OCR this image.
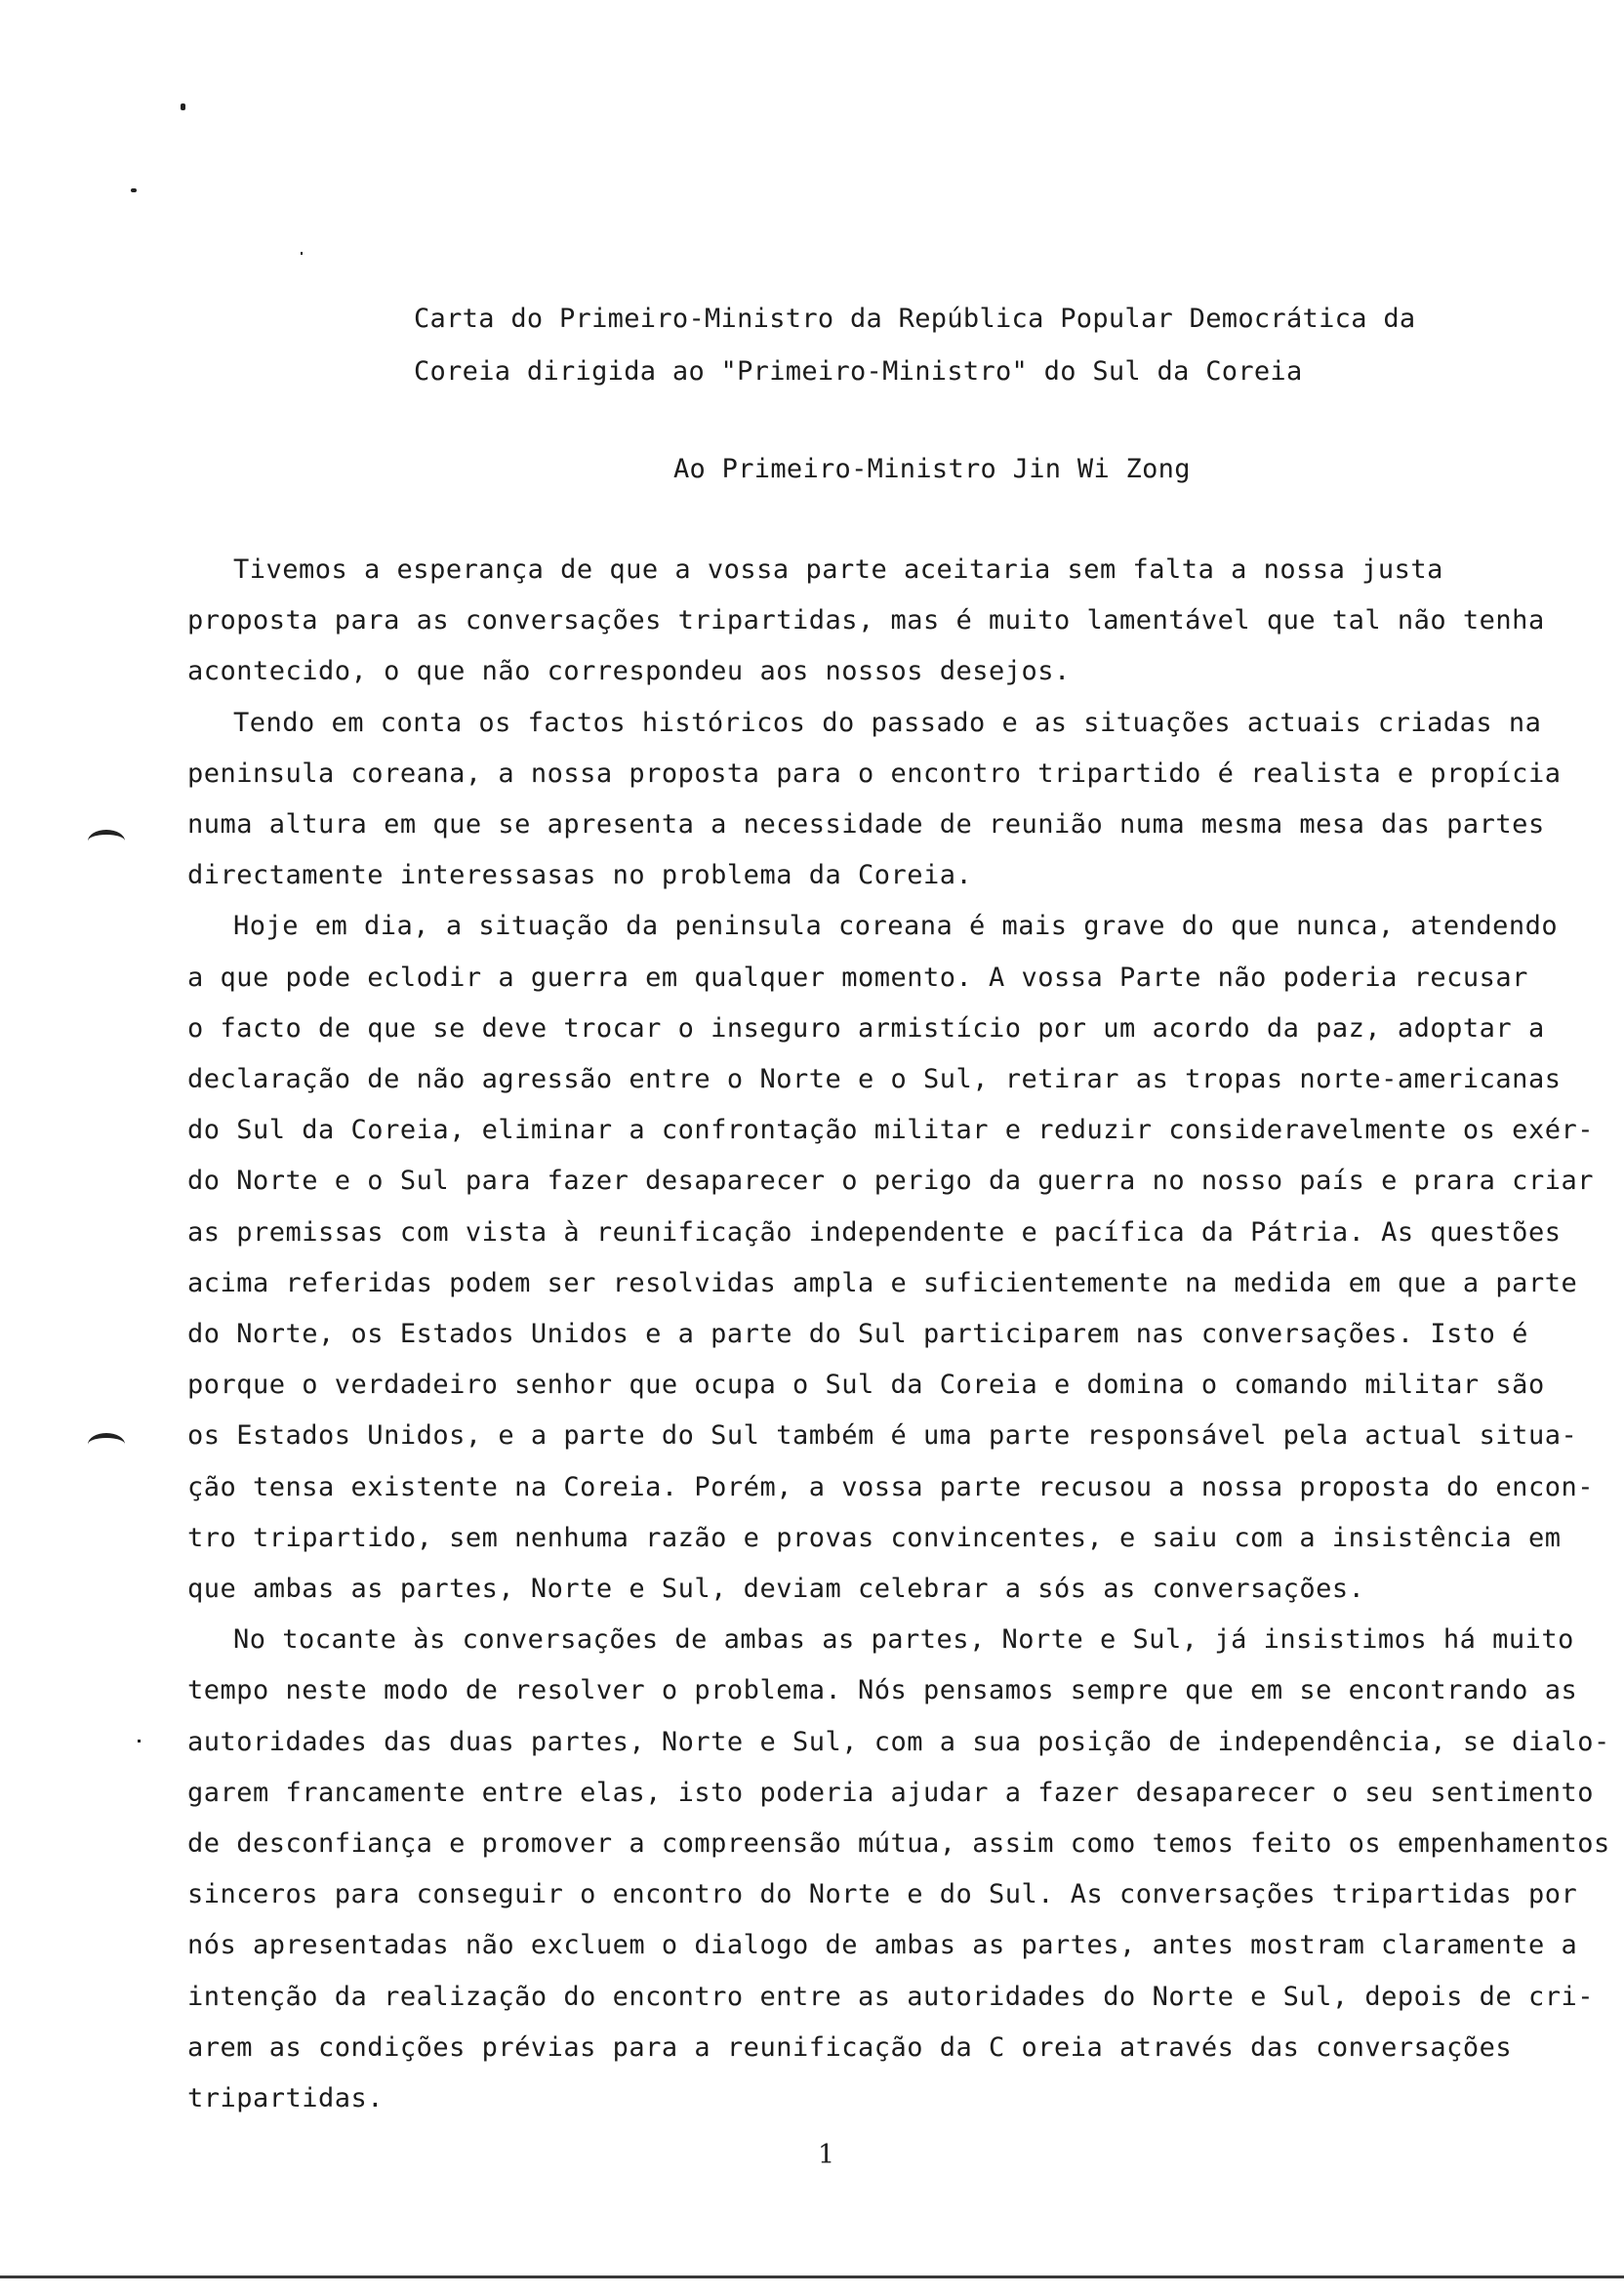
Carta do Primeiro-Ministro da República Popular Democrática da
Coreia dirigida ao "Primeiro-Ministro" do Sul da Coreia
Ao Primeiro-Ministro Jin Wi Zong
Tivemos a esperança de que a vossa parte aceitaria sem falta a nossa justa
proposta para as conversações tripartidas, mas é muito lamentável que tal não tenha
acontecido, o que não correspondeu aos nossos desejos.
Tendo em conta os factos históricos do passado e as situações actuais criadas na
peninsula coreana, a nossa proposta para o encontro tripartido é realista e propícia
numa altura em que se apresenta a necessidade de reunião numa mesma mesa das partes
directamente interessasas no problema da Coreia.
Hoje em dia, a situação da peninsula coreana é mais grave do que nunca, atendendo
a que pode eclodir a guerra em qualquer momento. A vossa Parte não poderia recusar
o facto de que se deve trocar o inseguro armistício por um acordo da paz, adoptar a
declaração de não agressão entre o Norte e o Sul, retirar as tropas norte-americanas
do Sul da Coreia, eliminar a confrontação militar e reduzir consideravelmente os exér-
do Norte e o Sul para fazer desaparecer o perigo da guerra no nosso país e prara criar
as premissas com vista à reunificação independente e pacífica da Pátria. As questões
acima referidas podem ser resolvidas ampla e suficientemente na medida em que a parte
do Norte, os Estados Unidos e a parte do Sul participarem nas conversações. Isto é
porque o verdadeiro senhor que ocupa o Sul da Coreia e domina o comando militar são
os Estados Unidos, e a parte do Sul também é uma parte responsável pela actual situa-
ção tensa existente na Coreia. Porém, a vossa parte recusou a nossa proposta do encon-
tro tripartido, sem nenhuma razão e provas convincentes, e saiu com a insistência em
que ambas as partes, Norte e Sul, deviam celebrar a sós as conversações.
No tocante às conversações de ambas as partes, Norte e Sul, já insistimos há muito
tempo neste modo de resolver o problema. Nós pensamos sempre que em se encontrando as
autoridades das duas partes, Norte e Sul, com a sua posição de independência, se dialo-
garem francamente entre elas, isto poderia ajudar a fazer desaparecer o seu sentimento
de desconfiança e promover a compreensão mútua, assim como temos feito os empenhamentos
sinceros para conseguir o encontro do Norte e do Sul. As conversações tripartidas por
nós apresentadas não excluem o dialogo de ambas as partes, antes mostram claramente a
intenção da realização do encontro entre as autoridades do Norte e Sul, depois de cri-
arem as condições prévias para a reunificação da C oreia através das conversações
tripartidas.
1
